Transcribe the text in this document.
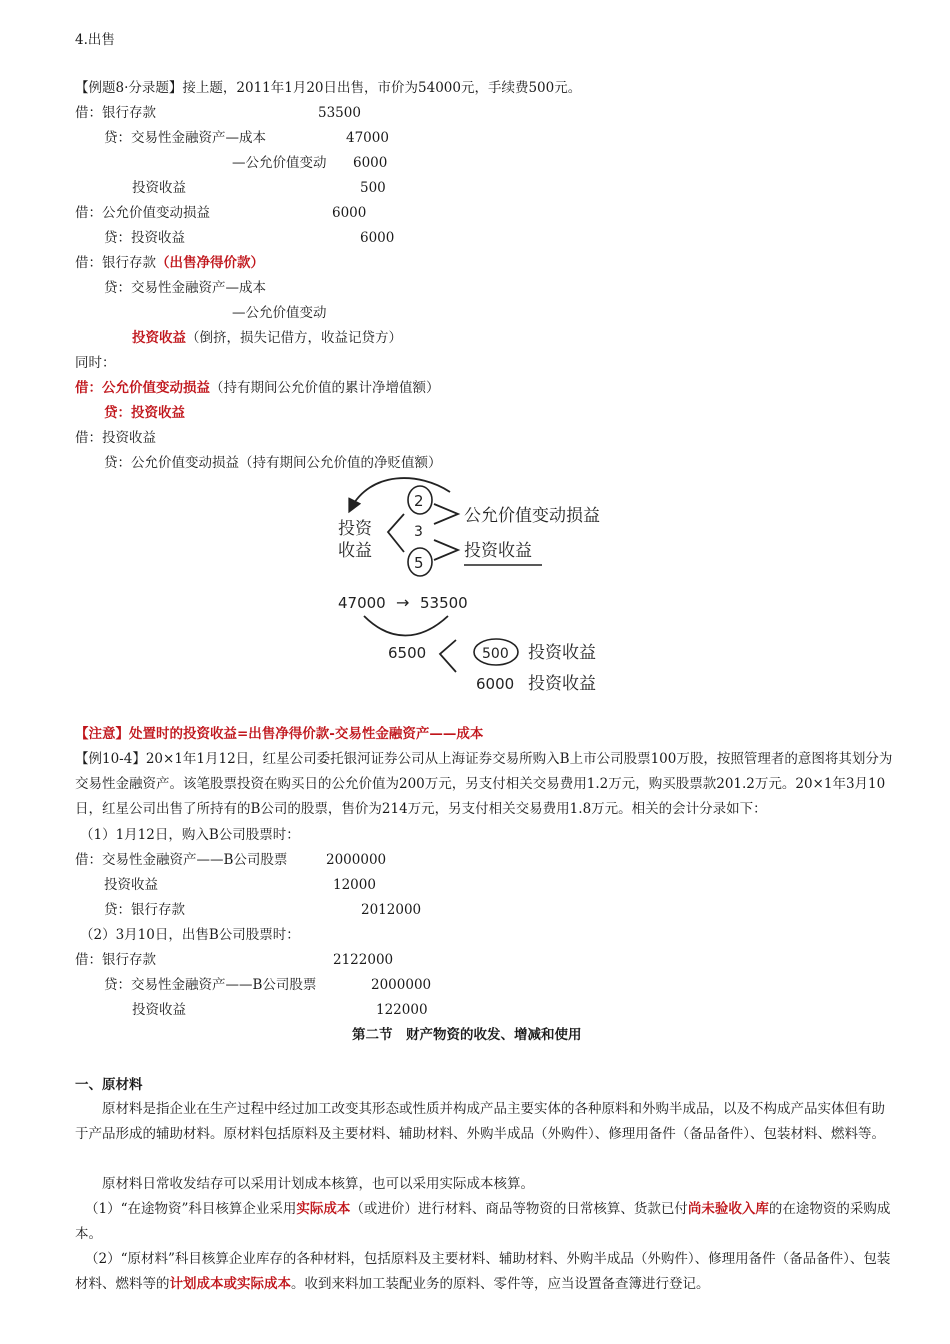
4.出售
【例题8·分录题】接上题，2011年1月20日出售，市价为54000元，手续费500元。
借：银行存款	53500
贷：交易性金融资产—成本	47000
—公允价值变动 6000
投资收益	500
借：公允价值变动损益	6000
贷：投资收益	6000
借：银行存款（出售净得价款）
贷：交易性金融资产—成本
—公允价值变动
投资收益（倒挤，损失记借方，收益记贷方）
同时：
借：公允价值变动损益（持有期间公允价值的累计净增值额）
贷：投资收益
借：投资收益
贷：公允价值变动损益（持有期间公允价值的净贬值额）
投资
收益
2
3
5
公允价值变动损益
投资收益
47000 → 53500
6500	500 投资收益
6000 投资收益
【注意】处置时的投资收益=出售净得价款-交易性金融资产——成本
【例10-4】20×1年1月12日，红星公司委托银河证券公司从上海证券交易所购入B上市公司股票100万股，按照管理者的意图将其划分为交易性金融资产。该笔股票投资在购买日的公允价值为200万元，另支付相关交易费用1.2万元，购买股票款201.2万元。20×1年3月10日，红星公司出售了所持有的B公司的股票，售价为214万元，另支付相关交易费用1.8万元。相关的会计分录如下：
（1）1月12日，购入B公司股票时：
借：交易性金融资产——B公司股票	2000000
投资收益	12000
贷：银行存款	2012000
（2）3月10日，出售B公司股票时：
借：银行存款	2122000
贷：交易性金融资产——B公司股票	2000000
投资收益	122000
第二节　财产物资的收发、增减和使用
一、原材料
原材料是指企业在生产过程中经过加工改变其形态或性质并构成产品主要实体的各种原料和外购半成品，以及不构成产品实体但有助于产品形成的辅助材料。原材料包括原料及主要材料、辅助材料、外购半成品（外购件）、修理用备件（备品备件）、包装材料、燃料等。
原材料日常收发结存可以采用计划成本核算，也可以采用实际成本核算。
（1）“在途物资”科目核算企业采用实际成本（或进价）进行材料、商品等物资的日常核算、货款已付尚未验收入库的在途物资的采购成本。
（2）“原材料”科目核算企业库存的各种材料，包括原料及主要材料、辅助材料、外购半成品（外购件）、修理用备件（备品备件）、包装材料、燃料等的计划成本或实际成本。收到来料加工装配业务的原料、零件等，应当设置备查簿进行登记。
